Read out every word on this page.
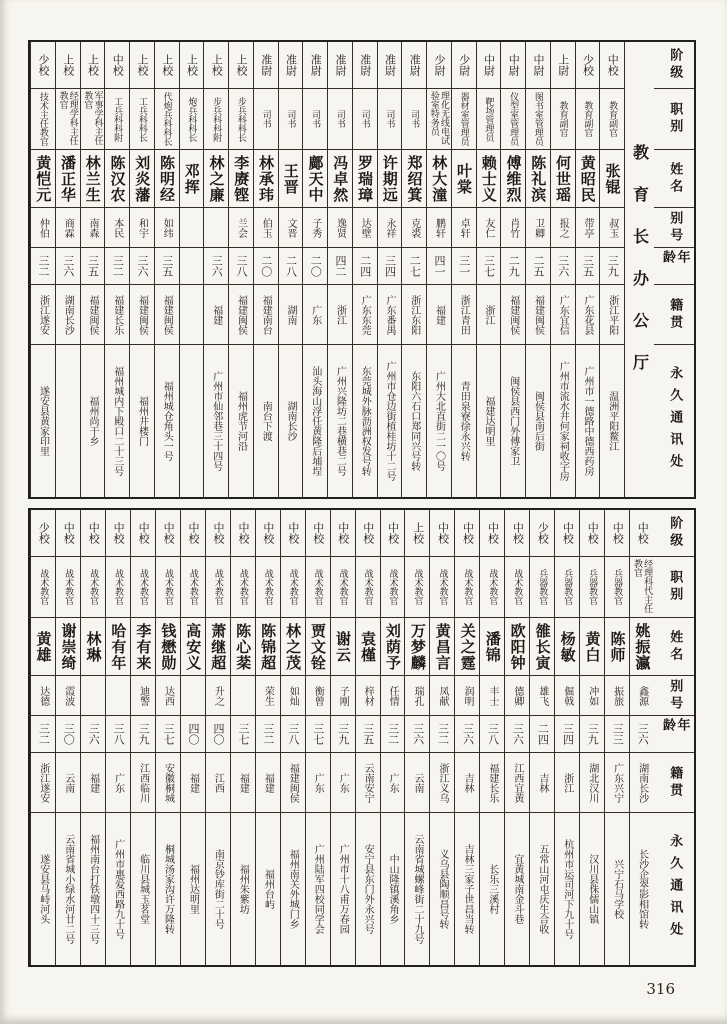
阶级
职别
姓名
别号
年龄
籍贯
永久通讯处
教育长办公厅
中校
教育副官
张锟
叔玉
三九
浙江平阳
温洲平阳鳌江
少校
教育副官
黄昭民
带亭
三五
广东花县
广州市一德路中德西药房
上尉
教育副官
何世瑶
报之
三六
广东宜信
广州市流水井何家祠收字房
中尉
图书室管理员
陈礼滨
卫卿
二五
福建闽侯
闽侯县南后街
中尉
仪型室管理员
傅维烈
肖竹
二九
福建闽侯
闽侯县西门外傅家卫
中尉
靶场管理员
赖士义
友仁
三七
浙江
福建达明里
少尉
器材室管理员
叶棠
卓轩
三一
浙江青田
青田泉寮徐永兴转
少尉
理化无线电试验室特务员
林大潼
鹏轩
四一
福建
广州大北直街二一〇号
准尉
司书
郑绍箕
克裘
二七
浙江东阳
东阳六石口郑同兴号转
准尉
司书
许期远
永祥
三四
广东番禺
广州市仓边街植桂坊十二号
准尉
司书
罗瑞璋
达壁
二四
广东东莞
东莞城外脉沥洲权发号转
准尉
司书
冯卓然
逸贤
四二
浙江
广州兴隆坊二巷横巷二号
准尉
司书
鄺天中
子秀
二〇
广东
汕头海山浮任黄隆后埔埕
准尉
司书
王晋
文晋
二八
湖南
湖南长沙
准尉
司书
林承玮
伯玉
二〇
福建南台
南台下渡
上校
步兵科科长
李赓铿
兰会
三八
福建闽侯
福州虎节河沿
上校
步兵科科附
林之廉
三六
福建
广州市仙邻巷三十四号
上校
炮兵科科长
邓挥
上校
代炮兵科科长
陈明经
如纬
三五
福建闽侯
福州城仓角头一号
上校
工兵科科长
刘炎藩
和宇
三六
福建闽侯
福州井楼门
中校
工兵科科附
陈汉农
本民
三二
福建长乐
福州城内下殿口二十三号
上校
军事学科主任教官
林兰生
南森
三五
福建闽侯
福州尚干乡
上校
经理学科主任教官
潘正华
商霖
三六
湖南长沙
少校
技术主任教官
黄恺元
仲伯
三二
浙江遂安
遂安县黄家印里
阶级
职别
姓名
别号
年龄
籍贯
永久通讯处
中校
经理科代主任教官
姚振瀛
鑫源
三六
湖南长沙
长沙企翠影相馆转
中校
兵器教官
陈师
振旅
三三
广东兴宁
兴宁石马学校
中校
兵器教官
黄白
冲如
三九
湖北汉川
汉川县侏儒山镇
中校
兵器教官
杨敏
倔戟
三四
浙江
杭州市运司河下九十号
少校
兵器教官
雒长寅
雄飞
二四
吉林
五常山河屯庆生合收
中校
战术教官
欧阳钟
德卿
三六
江西宜黄
宜黄城南金斗巷
中校
战术教官
潘锦
丰士
三八
福建长乐
长乐三溪村
中校
战术教官
关之霆
润明
三六
吉林
吉林三家子世昌当转
中校
战术教官
黄昌言
凤献
三二
浙江义乌
义乌县陶顺昌号转
上校
战术教官
万梦麟
瑞孔
三六
云南
云南省城螺峰街二十九号
中校
战术教官
刘荫予
任情
三二
广东
中山隆镇溪角乡
中校
战术教官
袁槿
梓材
三五
云南安宁
安宁县东门外永兴号
中校
战术教官
谢云
子刚
三九
广东
广州市十八甫万春园
中校
战术教官
贾文铨
衡曾
三七
广东
广州陆军四校同学会
中校
战术教官
林之茂
如灿
三八
福建闽侯
福州南关外城门乡
中校
战术教官
陈锦超
荣生
三二
福建
福州台屿
中校
战术教官
陈心棻
三七
福建
福州朱紫坊
中校
战术教官
萧继超
升之
四〇
江西
南京钞库街二十号
中校
战术教官
高安义
四〇
福建
福州达明里
中校
战术教官
钱懋勋
达西
三七
安徽桐城
桐城汤家沟许万隆转
中校
战术教官
李有来
迪警
三九
江西临川
临川县城玉茗堂
中校
战术教官
哈有年
三八
广东
广州市惠爱西路九十号
中校
战术教官
林琳
三六
福建
福州南台打铁墩四十三号
中校
战术教官
谢崇绮
霞波
三〇
云南
云南省城小绿水河廿二号
少校
战术教官
黄雄
达德
三二
浙江遂安
遂安县马峙河头
316
